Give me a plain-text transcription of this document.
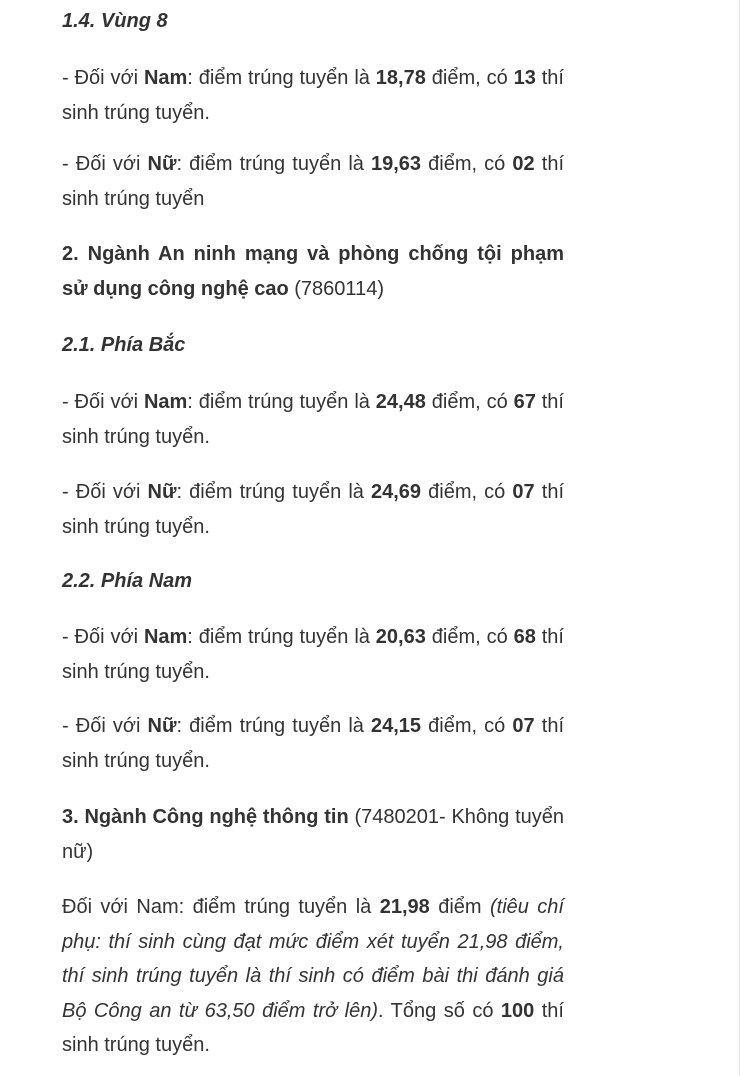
1.4. Vùng 8

- Đối với Nam: điểm trúng tuyển là 18,78 điểm, có 13 thí sinh trúng tuyển.

- Đối với Nữ: điểm trúng tuyển là 19,63 điểm, có 02 thí sinh trúng tuyển

2. Ngành An ninh mạng và phòng chống tội phạm sử dụng công nghệ cao (7860114)

2.1. Phía Bắc

- Đối với Nam: điểm trúng tuyển là 24,48 điểm, có 67 thí sinh trúng tuyển.

- Đối với Nữ: điểm trúng tuyển là 24,69 điểm, có 07 thí sinh trúng tuyển.

2.2. Phía Nam

- Đối với Nam: điểm trúng tuyển là 20,63 điểm, có 68 thí sinh trúng tuyển.

- Đối với Nữ: điểm trúng tuyển là 24,15 điểm, có 07 thí sinh trúng tuyển.

3. Ngành Công nghệ thông tin (7480201- Không tuyển nữ)

Đối với Nam: điểm trúng tuyển là 21,98 điểm (tiêu chí phụ: thí sinh cùng đạt mức điểm xét tuyển 21,98 điểm, thí sinh trúng tuyển là thí sinh có điểm bài thi đánh giá Bộ Công an từ 63,50 điểm trở lên). Tổng số có 100 thí sinh trúng tuyển.
